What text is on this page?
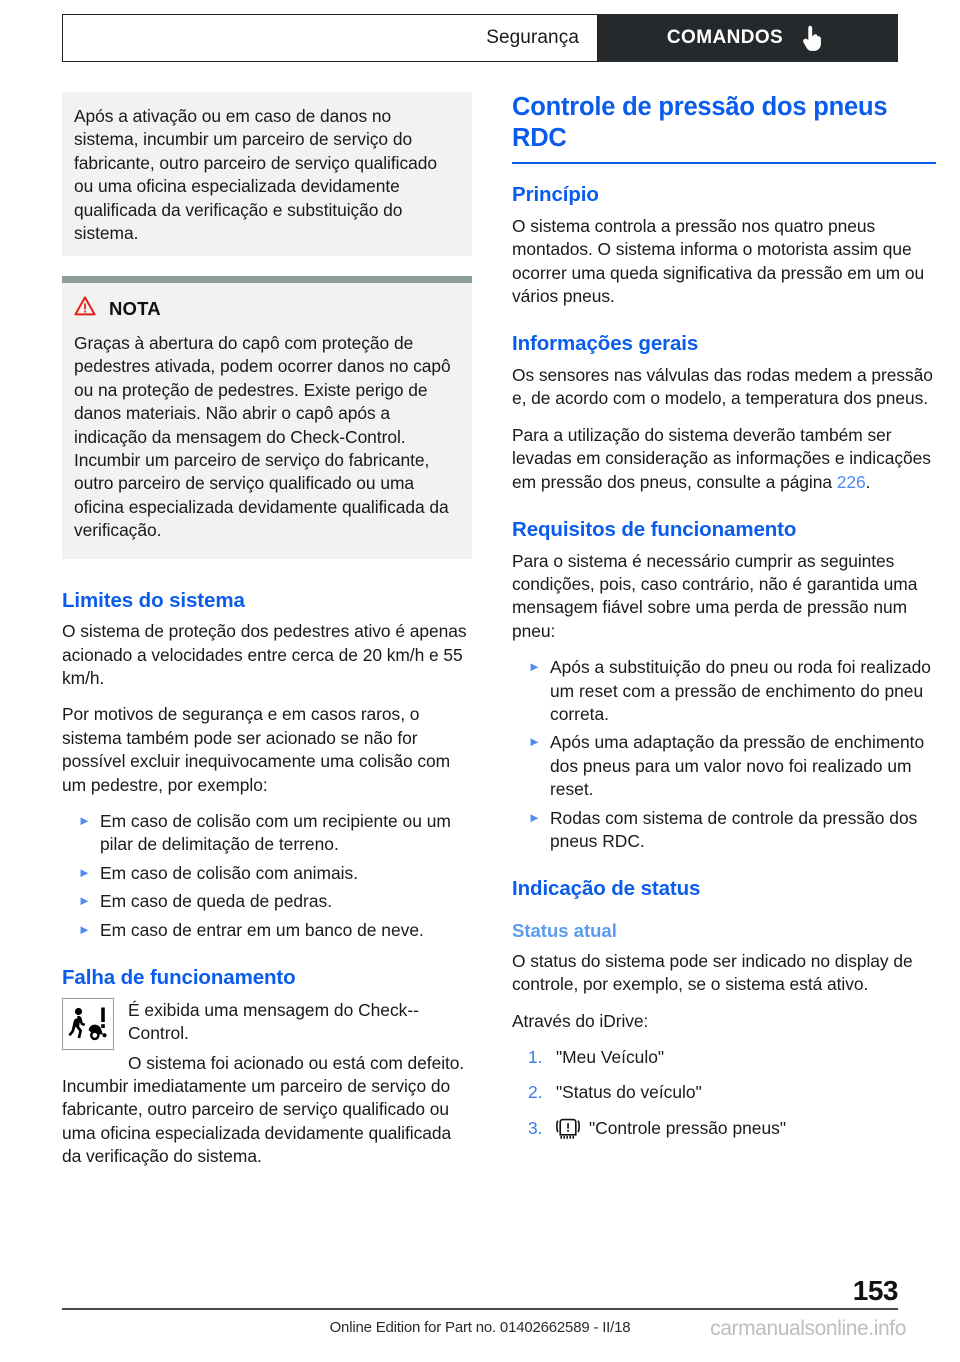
Segurança	COMANDOS

Após a ativação ou em caso de danos no sistema, incumbir um parceiro de serviço do fabricante, outro parceiro de serviço qualificado ou uma oficina especializada devidamente qualificada da verificação e substituição do sistema.

NOTA

Graças à abertura do capô com proteção de pedestres ativada, podem ocorrer danos no capô ou na proteção de pedestres. Existe perigo de danos materiais. Não abrir o capô após a indicação da mensagem do Check-Control. Incumbir um parceiro de serviço do fabricante, outro parceiro de serviço qualificado ou uma oficina especializada devidamente qualificada da verificação.

Limites do sistema

O sistema de proteção dos pedestres ativo é apenas acionado a velocidades entre cerca de 20 km/h e 55 km/h.

Por motivos de segurança e em casos raros, o sistema também pode ser acionado se não for possível excluir inequivocamente uma colisão com um pedestre, por exemplo:

► Em caso de colisão com um recipiente ou um pilar de delimitação de terreno.
► Em caso de colisão com animais.
► Em caso de queda de pedras.
► Em caso de entrar em um banco de neve.
Falha de funcionamento
É exibida uma mensagem do Check--Control.

O sistema foi acionado ou está com defeito.

Incumbir imediatamente um parceiro de serviço do fabricante, outro parceiro de serviço qualificado ou uma oficina especializada devidamente qualificada da verificação do sistema.

Controle de pressão dos pneus RDC
Princípio

O sistema controla a pressão nos quatro pneus montados. O sistema informa o motorista assim que ocorrer uma queda significativa da pressão em um ou vários pneus.

Informações gerais

Os sensores nas válvulas das rodas medem a pressão e, de acordo com o modelo, a temperatura dos pneus.

Para a utilização do sistema deverão também ser levadas em consideração as informações e indicações em pressão dos pneus, consulte a página 226.

Requisitos de funcionamento

Para o sistema é necessário cumprir as seguintes condições, pois, caso contrário, não é garantida uma mensagem fiável sobre uma perda de pressão num pneu:

► Após a substituição do pneu ou roda foi realizado um reset com a pressão de enchimento do pneu correta.
► Após uma adaptação da pressão de enchimento dos pneus para um valor novo foi realizado um reset.
► Rodas com sistema de controle da pressão dos pneus RDC.
Indicação de status
Status atual

O status do sistema pode ser indicado no display de controle, por exemplo, se o sistema está ativo.

Através do iDrive:

1. "Meu Veículo"
2. "Status do veículo"
3.	"Controle pressão pneus"
153
Online Edition for Part no. 01402662589 - II/18	carmanualsonline.info
